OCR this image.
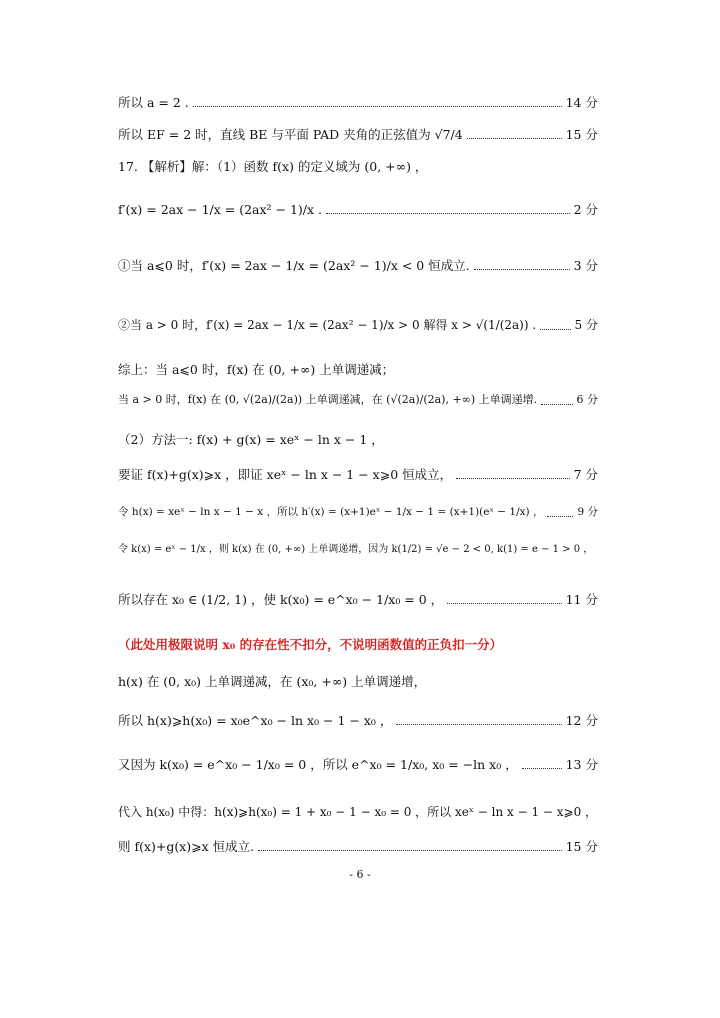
所以 a = 2 .	14 分
所以 EF = 2 时，直线 BE 与平面 PAD 夹角的正弦值为 √7/4	15 分
17. 【解析】解：（1）函数 f(x) 的定义域为 (0, +∞) ，
f′(x) = 2ax − 1/x = (2ax² − 1)/x .	2 分
①当 a⩽0 时，f′(x) = 2ax − 1/x = (2ax² − 1)/x < 0 恒成立.	3 分
②当 a > 0 时，f′(x) = 2ax − 1/x = (2ax² − 1)/x > 0 解得 x > √(1/(2a)) .	5 分
综上：当 a⩽0 时，f(x) 在 (0, +∞) 上单调递减；
当 a > 0 时，f(x) 在 (0, √(2a)/(2a)) 上单调递减，在 (√(2a)/(2a), +∞) 上单调递增.	6 分
（2）方法一: f(x) + g(x) = xeˣ − ln x − 1 ，
要证 f(x)+g(x)⩾x ，即证 xeˣ − ln x − 1 − x⩾0 恒成立，	7 分
令 h(x) = xeˣ − ln x − 1 − x ，所以 h′(x) = (x+1)eˣ − 1/x − 1 = (x+1)(eˣ − 1/x) ，	9 分
令 k(x) = eˣ − 1/x ，则 k(x) 在 (0, +∞) 上单调递增，因为 k(1/2) = √e − 2 < 0, k(1) = e − 1 > 0 ，
所以存在 x₀ ∈ (1/2, 1) ，使 k(x₀) = e^x₀ − 1/x₀ = 0 ，	11 分
（此处用极限说明 x₀ 的存在性不扣分，不说明函数值的正负扣一分）
h(x) 在 (0, x₀) 上单调递减，在 (x₀, +∞) 上单调递增，
所以 h(x)⩾h(x₀) = x₀e^x₀ − ln x₀ − 1 − x₀ ，	12 分
又因为 k(x₀) = e^x₀ − 1/x₀ = 0 ，所以 e^x₀ = 1/x₀, x₀ = −ln x₀ ，	13 分
代入 h(x₀) 中得：h(x)⩾h(x₀) = 1 + x₀ − 1 − x₀ = 0 ，所以 xeˣ − ln x − 1 − x⩾0 ，
则 f(x)+g(x)⩾x 恒成立.	15 分
- 6 -
